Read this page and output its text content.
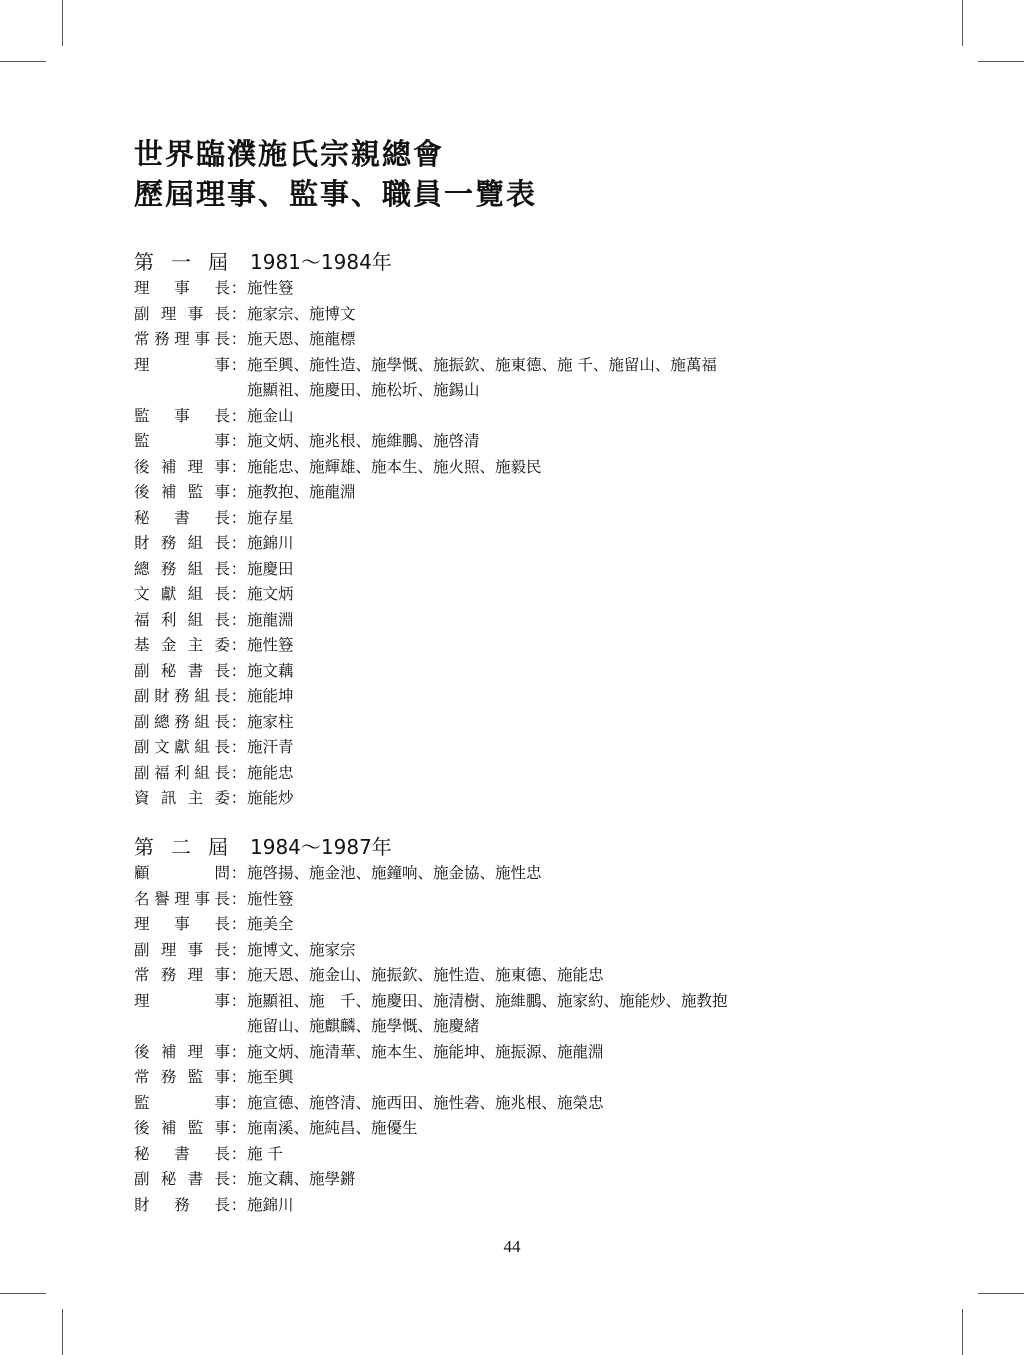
世界臨濮施氏宗親總會
歷屆理事、監事、職員一覽表
第 一 屆 1981～1984年
理 事 長 ： 施性簦
副 理 事 長 ： 施家宗、施博文
常 務 理 事 長 ： 施天恩、施龍標
理	事 ： 施至興、施性造、施學慨、施振欽、施東德、施 千、施留山、施萬福
施顯祖、施慶田、施松圻、施錫山
監 事 長 ： 施金山
監	事 ： 施文炳、施兆根、施維鵬、施啓清
後 補 理 事 ： 施能忠、施輝雄、施本生、施火照、施毅民
後 補 監 事 ： 施教抱、施龍淵
秘 書 長 ： 施存星
財 務 組 長 ： 施錦川
總 務 組 長 ： 施慶田
文 獻 組 長 ： 施文炳
福 利 組 長 ： 施龍淵
基 金 主 委 ： 施性簦
副 秘 書 長 ： 施文藕
副 財 務 組 長 ： 施能坤
副 總 務 組 長 ： 施家柱
副 文 獻 組 長 ： 施汗青
副 福 利 組 長 ： 施能忠
資 訊 主 委 ： 施能炒
第 二 屆 1984～1987年
顧	問 ： 施啓揚、施金池、施鐘响、施金協、施性忠
名 譽 理 事 長 ： 施性簦
理 事 長 ： 施美全
副 理 事 長 ： 施博文、施家宗
常 務 理 事 ： 施天恩、施金山、施振欽、施性造、施東德、施能忠
理	事 ： 施顯祖、施　千、施慶田、施清樹、施維鵬、施家約、施能炒、施教抱
施留山、施麒麟、施學慨、施慶緒
後 補 理 事 ： 施文炳、施清華、施本生、施能坤、施振源、施龍淵
常 務 監 事 ： 施至興
監	事 ： 施宣德、施啓清、施西田、施性砻、施兆根、施榮忠
後 補 監 事 ： 施南溪、施純昌、施優生
秘 書 長 ： 施 千
副 秘 書 長 ： 施文藕、施學鏘
財 務 長 ： 施錦川
44
